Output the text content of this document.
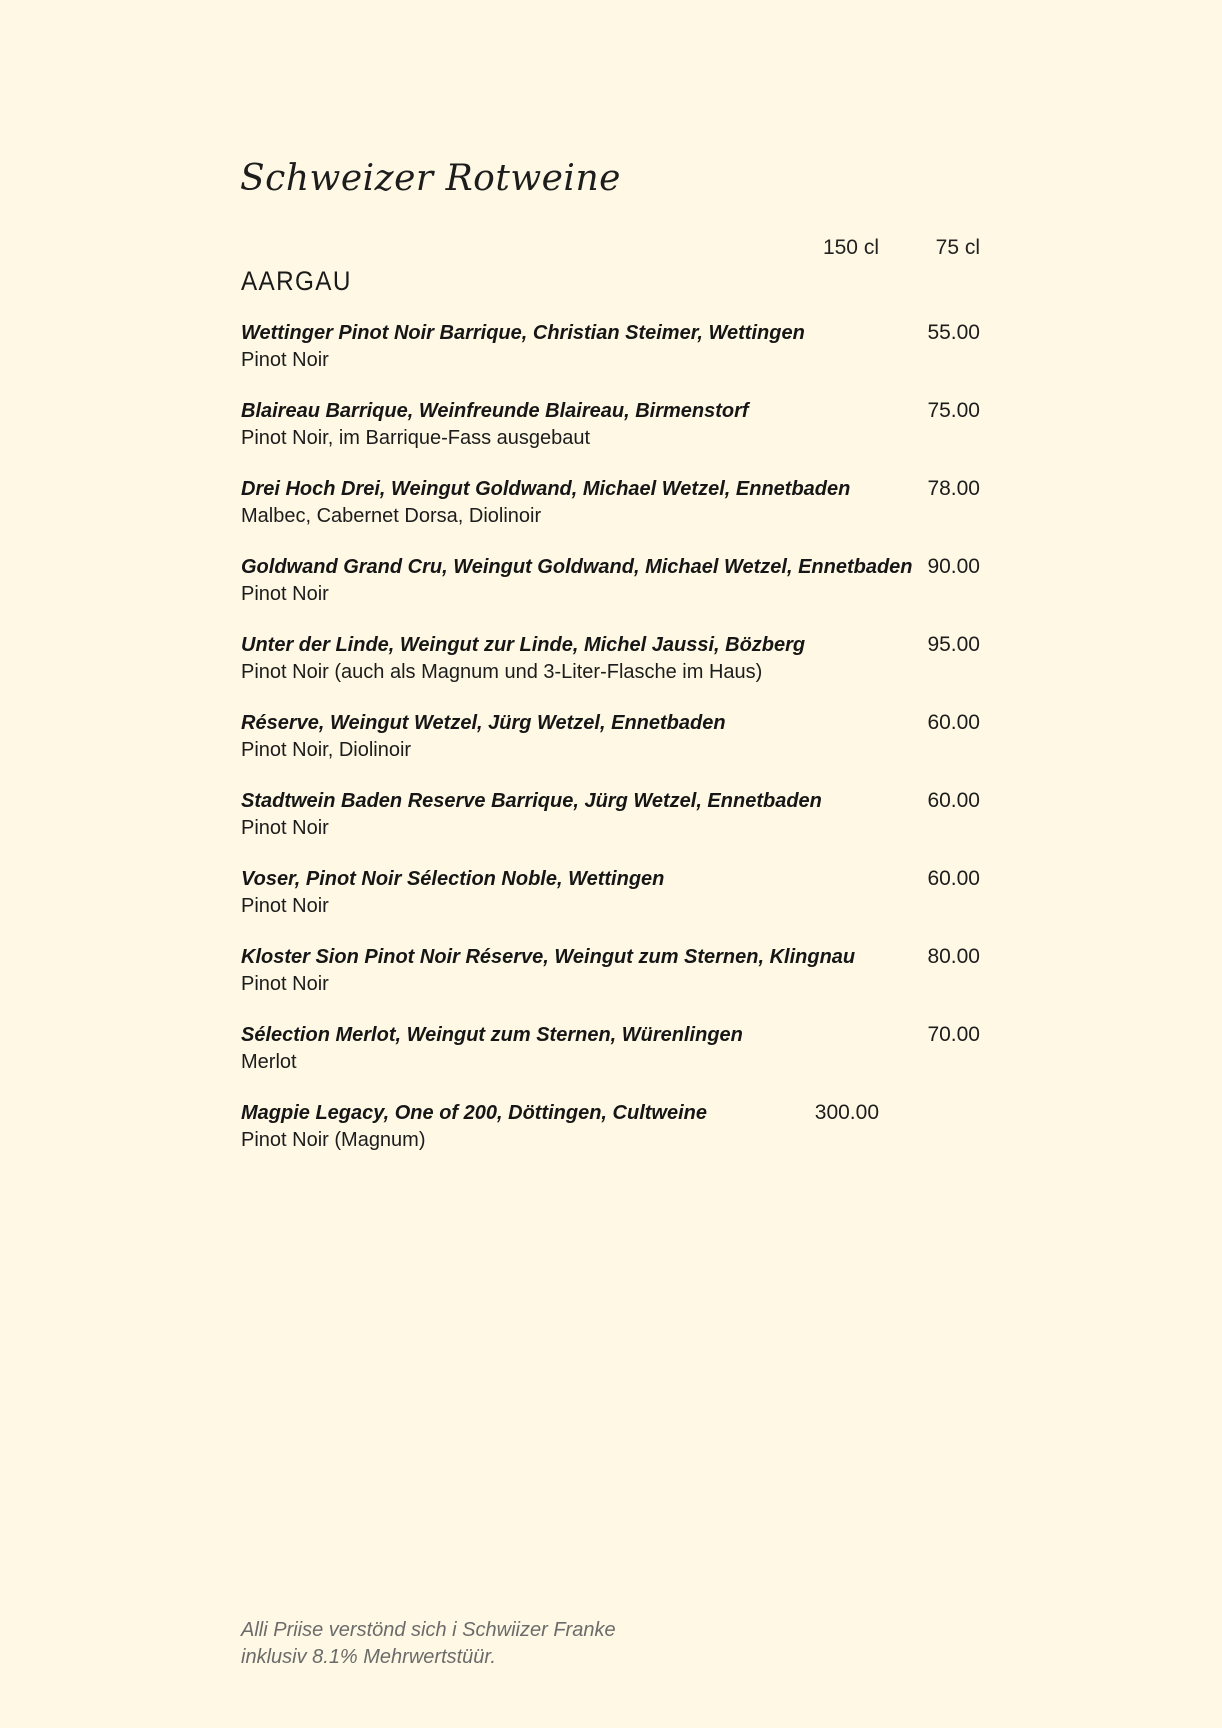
Schweizer Rotweine
150 cl	75 cl
AARGAU
Wettinger Pinot Noir Barrique, Christian Steimer, Wettingen
Pinot Noir
55.00
Blaireau Barrique, Weinfreunde Blaireau, Birmenstorf
Pinot Noir, im Barrique-Fass ausgebaut
75.00
Drei Hoch Drei, Weingut Goldwand, Michael Wetzel, Ennetbaden
Malbec, Cabernet Dorsa, Diolinoir
78.00
Goldwand Grand Cru, Weingut Goldwand, Michael Wetzel, Ennetbaden
Pinot Noir
90.00
Unter der Linde, Weingut zur Linde, Michel Jaussi, Bözberg
Pinot Noir (auch als Magnum und 3-Liter-Flasche im Haus)
95.00
Réserve, Weingut Wetzel, Jürg Wetzel, Ennetbaden
Pinot Noir, Diolinoir
60.00
Stadtwein Baden Reserve Barrique, Jürg Wetzel, Ennetbaden
Pinot Noir
60.00
Voser, Pinot Noir Sélection Noble, Wettingen
Pinot Noir
60.00
Kloster Sion Pinot Noir Réserve, Weingut zum Sternen, Klingnau
Pinot Noir
80.00
Sélection Merlot, Weingut zum Sternen, Würenlingen
Merlot
70.00
Magpie Legacy, One of 200, Döttingen, Cultweine
Pinot Noir (Magnum)
300.00
Alli Priise verstönd sich i Schwiizer Franke
inklusiv 8.1% Mehrwertstüür.
